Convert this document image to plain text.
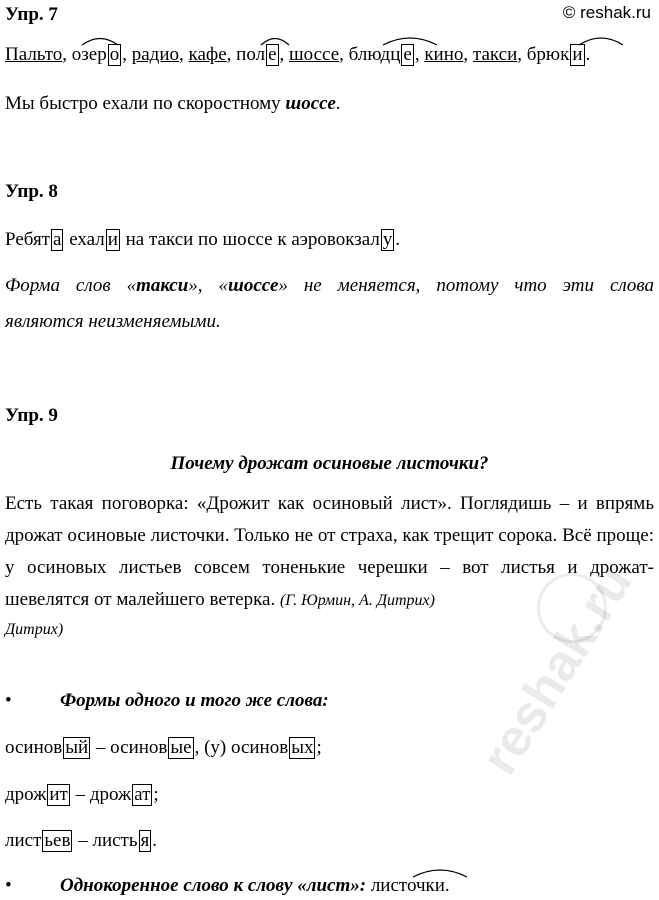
Упр. 7	© reshak.ru
Пальто, озер о , радио, кафе, пол е , шоссе, блюдц е , кино, такси, брюк и .
Мы быстро ехали по скоростному шоссе.
Упр. 8
Ребят а ехал и на такси по шоссе к аэровокзал у .
Форма слов «такси», «шоссе» не меняется, потому что эти слова
являются неизменяемыми.
Упр. 9
Почему дрожат осиновые листочки?
Есть такая поговорка: «Дрожит как осиновый лист». Поглядишь – и впрямь дрожат осиновые листочки. Только не от страха, как трещит сорока. Всё проще: у осиновых листьев совсем тоненькие черешки – вот листья и дрожат-шевелятся от малейшего ветерка. (Г. Юрмин, А. Дитрих)
Дитрих)
•	Формы одного и того же слова:
осинов ый – осинов ые , (у) осинов ых ;
дрож ит – дрож ат ;
лист ьев – листь я .
•	Однокоренное слово к слову «лист»: листочки.
reshak.ru
